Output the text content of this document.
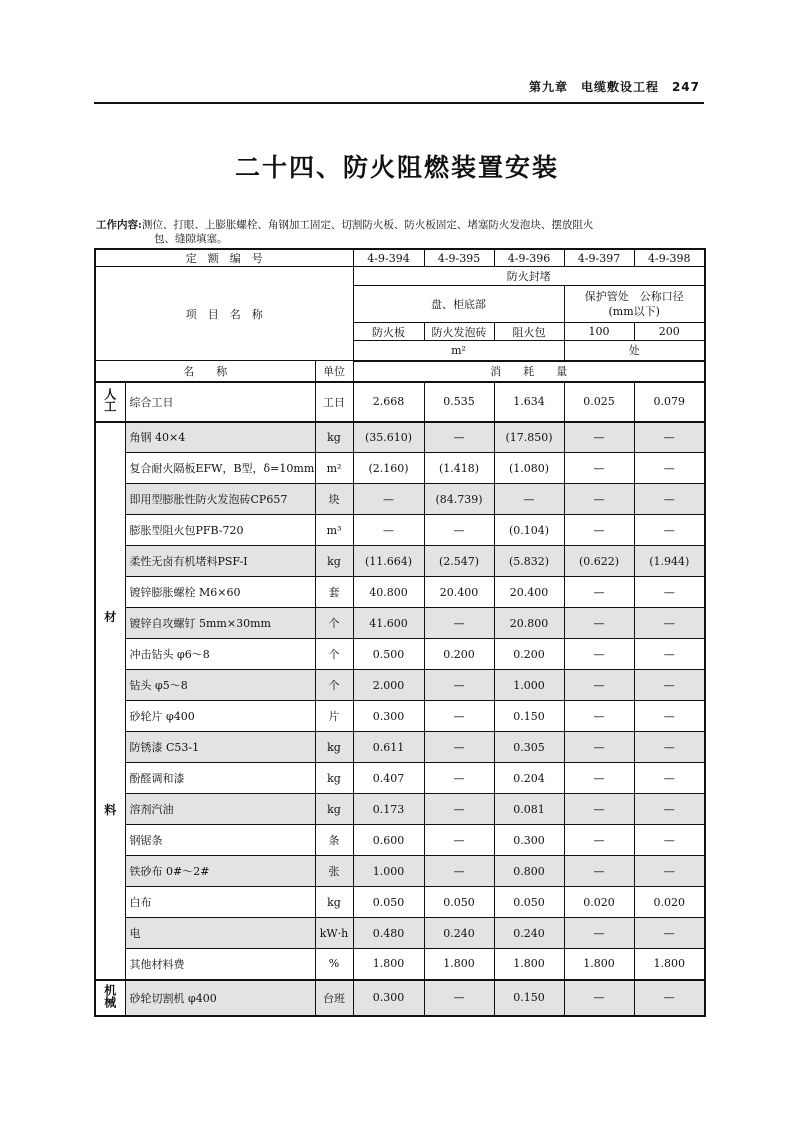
第九章　电缆敷设工程　247
二十四、防火阻燃装置安装
工作内容:测位、打眼、上膨胀螺栓、角钢加工固定、切割防火板、防火板固定、堵塞防火发泡块、摆放阻火
包、缝隙填塞。
定　额　编　号			4-9-394	4-9-395	4-9-396	4-9-397	4-9-398
项　目　名　称			防火封堵				
			盘、柜底部			保护管处　公称口径
(mm以下)	
			防火板	防火发泡砖	阻火包	100	200
			m²			处	
名　　称		单位	消　　耗　　量				
人工	综合工日	工日	2.668	0.535	1.634	0.025	0.079

材
料	角钢 40×4	kg	(35.610)	—	(17.850)	—	—
	复合耐火隔板EFW，B型，δ=10mm	m²	(2.160)	(1.418)	(1.080)	—	—
	即用型膨胀性防火发泡砖CP657	块	—	(84.739)	—	—	—
	膨胀型阻火包PFB-720	m³	—	—	(0.104)	—	—
	柔性无卤有机堵料PSF-Ⅰ	kg	(11.664)	(2.547)	(5.832)	(0.622)	(1.944)
	镀锌膨胀螺栓 M6×60	套	40.800	20.400	20.400	—	—
	镀锌自攻螺钉 5mm×30mm	个	41.600	—	20.800	—	—
	冲击钻头 φ6～8	个	0.500	0.200	0.200	—	—
	钻头 φ5～8	个	2.000	—	1.000	—	—
	砂轮片 φ400	片	0.300	—	0.150	—	—
	防锈漆 C53-1	kg	0.611	—	0.305	—	—
	酚醛调和漆	kg	0.407	—	0.204	—	—
	溶剂汽油	kg	0.173	—	0.081	—	—
	钢锯条	条	0.600	—	0.300	—	—
	铁砂布 0#～2#	张	1.000	—	0.800	—	—
	白布	kg	0.050	0.050	0.050	0.020	0.020
	电	kW·h	0.480	0.240	0.240	—	—
	其他材料费	%	1.800	1.800	1.800	1.800	1.800
机械	砂轮切割机 φ400	台班	0.300	—	0.150	—	—
